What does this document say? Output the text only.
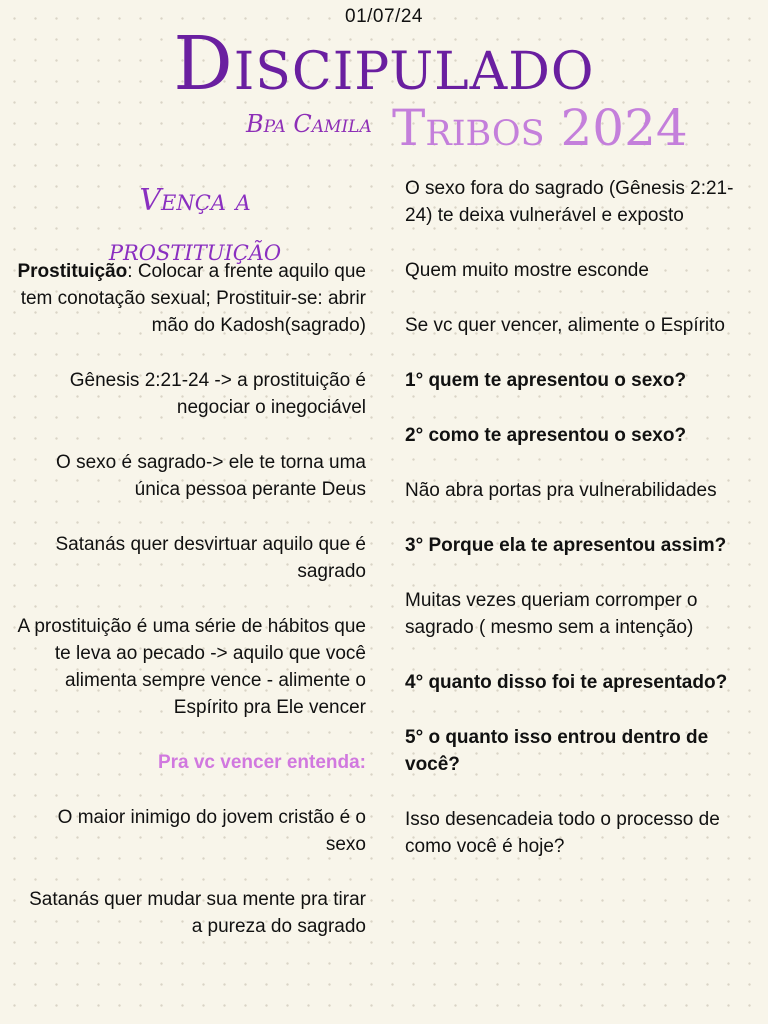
01/07/24
Discipulado
Bpa Camila Tribos 2024
Vença a
prostituição

Prostituição: Colocar a frente aquilo que tem conotação sexual; Prostituir-se: abrir mão do Kadosh(sagrado)

Gênesis 2:21-24 -> a prostituição é negociar o inegociável

O sexo é sagrado-> ele te torna uma única pessoa perante Deus

Satanás quer desvirtuar aquilo que é sagrado

A prostituição é uma série de hábitos que te leva ao pecado -> aquilo que você alimenta sempre vence - alimente o Espírito pra Ele vencer

Pra vc vencer entenda:

O maior inimigo do jovem cristão é o sexo

Satanás quer mudar sua mente pra tirar a pureza do sagrado

O sexo fora do sagrado (Gênesis 2:21-24) te deixa vulnerável e exposto

Quem muito mostre esconde

Se vc quer vencer, alimente o Espírito

1° quem te apresentou o sexo?

2° como te apresentou o sexo?

Não abra portas pra vulnerabilidades

3° Porque ela te apresentou assim?

Muitas vezes queriam corromper o sagrado ( mesmo sem a intenção)

4° quanto disso foi te apresentado?

5° o quanto isso entrou dentro de você?

Isso desencadeia todo o processo de como você é hoje?
